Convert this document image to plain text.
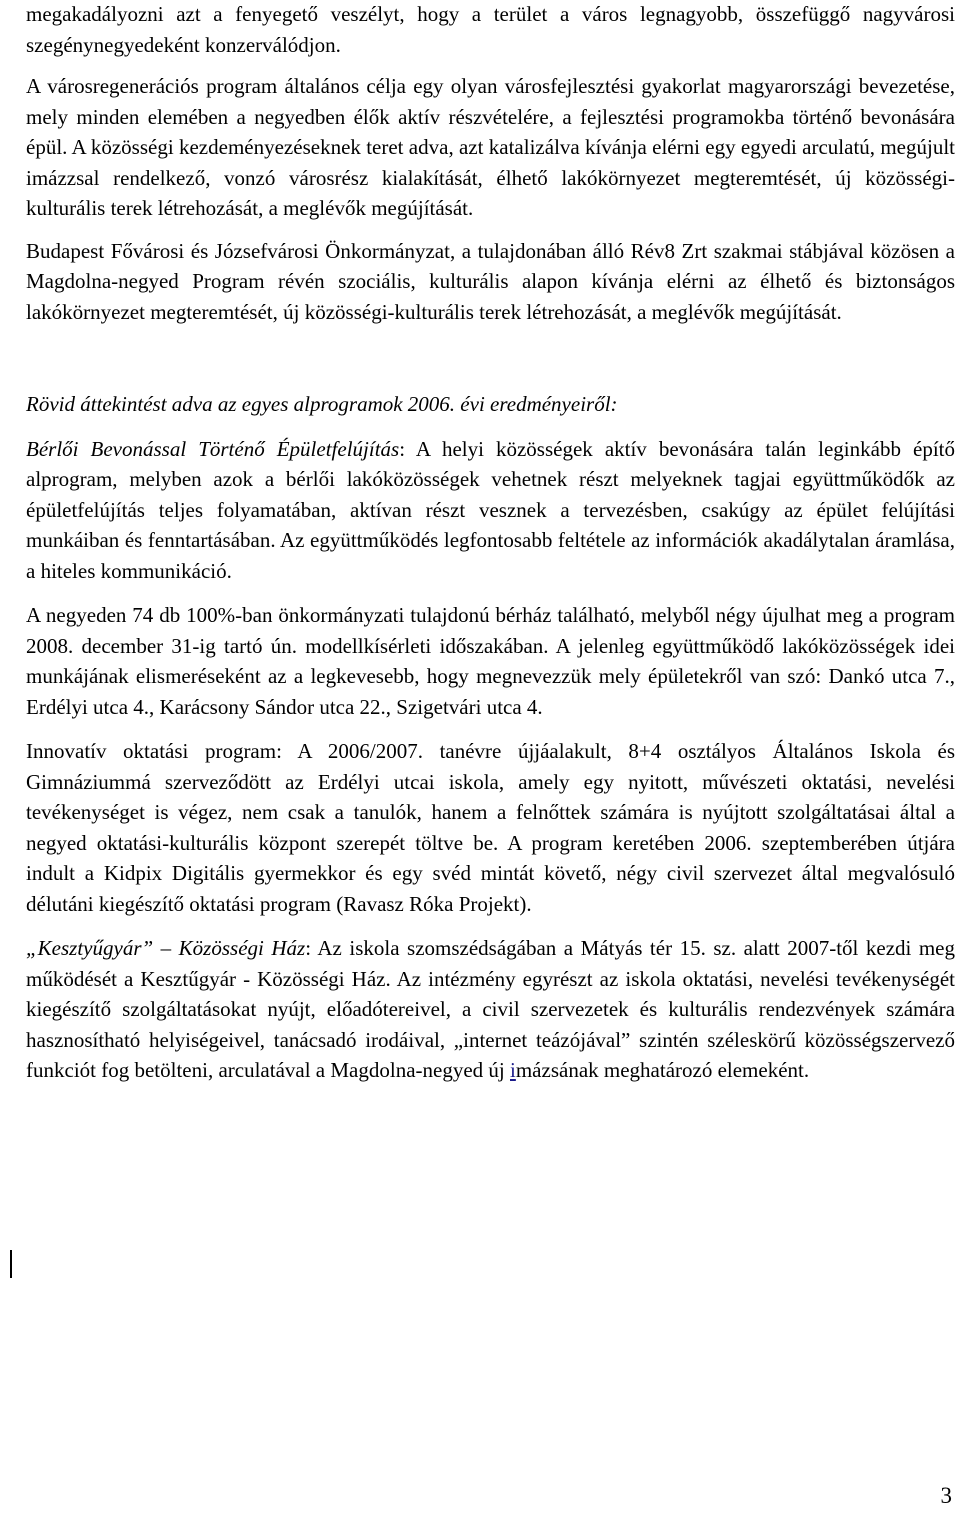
megakadályozni azt a fenyegető veszélyt, hogy a terület a város legnagyobb, összefüggő nagyvárosi szegénynegyedeként konzerválódjon.

A városregenerációs program általános célja egy olyan városfejlesztési gyakorlat magyarországi bevezetése, mely minden elemében a negyedben élők aktív részvételére, a fejlesztési programokba történő bevonására épül. A közösségi kezdeményezéseknek teret adva, azt katalizálva kívánja elérni egy egyedi arculatú, megújult imázzsal rendelkező, vonzó városrész kialakítását, élhető lakókörnyezet megteremtését, új közösségi-kulturális terek létrehozását, a meglévők megújítását.

Budapest Fővárosi és Józsefvárosi Önkormányzat, a tulajdonában álló Rév8 Zrt szakmai stábjával közösen a Magdolna-negyed Program révén szociális, kulturális alapon kívánja elérni az élhető és biztonságos lakókörnyezet megteremtését, új közösségi-kulturális terek létrehozását, a meglévők megújítását.

Rövid áttekintést adva az egyes alprogramok 2006. évi eredményeiről:

Bérlői Bevonással Történő Épületfelújítás: A helyi közösségek aktív bevonására talán leginkább építő alprogram, melyben azok a bérlői lakóközösségek vehetnek részt melyeknek tagjai együttműködők az épületfelújítás teljes folyamatában, aktívan részt vesznek a tervezésben, csakúgy az épület felújítási munkáiban és fenntartásában. Az együttműködés legfontosabb feltétele az információk akadálytalan áramlása, a hiteles kommunikáció.

A negyeden 74 db 100%-ban önkormányzati tulajdonú bérház található, melyből négy újulhat meg a program 2008. december 31-ig tartó ún. modellkísérleti időszakában. A jelenleg együttműködő lakóközösségek idei munkájának elismeréseként az a legkevesebb, hogy megnevezzük mely épületekről van szó: Dankó utca 7., Erdélyi utca 4., Karácsony Sándor utca 22., Szigetvári utca 4.

Innovatív oktatási program: A 2006/2007. tanévre újjáalakult, 8+4 osztályos Általános Iskola és Gimnáziummá szerveződött az Erdélyi utcai iskola, amely egy nyitott, művészeti oktatási, nevelési tevékenységet is végez, nem csak a tanulók, hanem a felnőttek számára is nyújtott szolgáltatásai által a negyed oktatási-kulturális központ szerepét töltve be. A program keretében 2006. szeptemberében útjára indult a Kidpix Digitális gyermekkor és egy svéd mintát követő, négy civil szervezet által megvalósuló délutáni kiegészítő oktatási program (Ravasz Róka Projekt).

„Kesztyűgyár” – Közösségi Ház: Az iskola szomszédságában a Mátyás tér 15. sz. alatt 2007-től kezdi meg működését a Kesztűgyár - Közösségi Ház. Az intézmény egyrészt az iskola oktatási, nevelési tevékenységét kiegészítő szolgáltatásokat nyújt, előadótereivel, a civil szervezetek és kulturális rendezvények számára hasznosítható helyiségeivel, tanácsadó irodáival, „internet teázójával” szintén széleskörű közösségszervező funkciót fog betölteni, arculatával a Magdolna-negyed új imázsának meghatározó elemeként.

3
